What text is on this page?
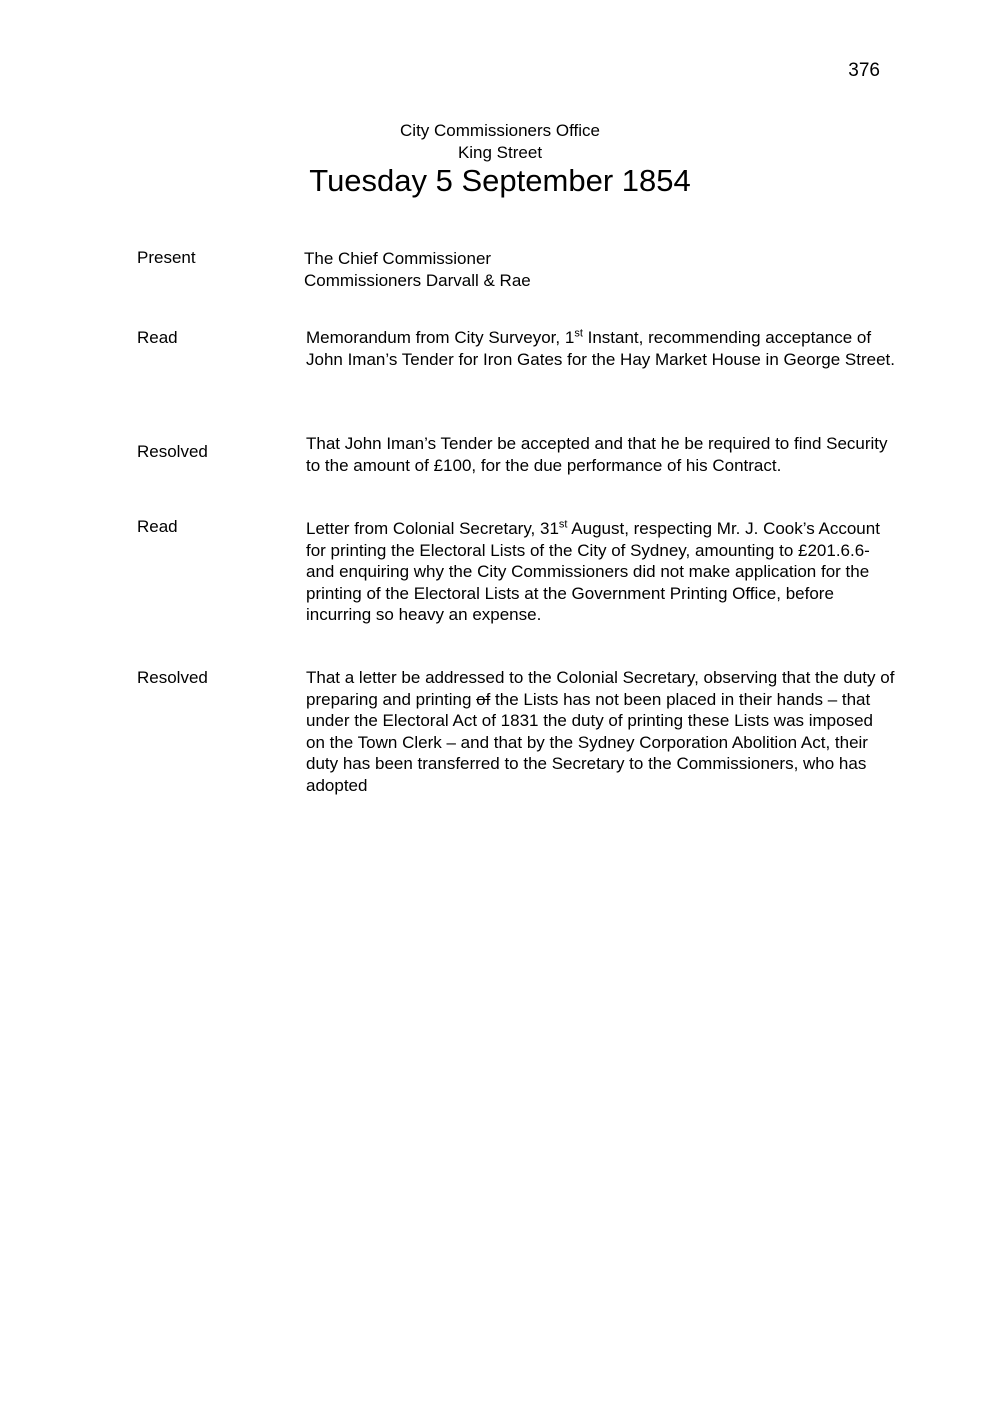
376
City Commissioners Office
King Street
Tuesday 5 September 1854
Present	The Chief Commissioner
Commissioners Darvall & Rae
Read	Memorandum from City Surveyor, 1st Instant, recommending acceptance of John Iman’s Tender for Iron Gates for the Hay Market House in George Street.
Resolved	That John Iman’s Tender be accepted and that he be required to find Security to the amount of £100, for the due performance of his Contract.
Read	Letter from Colonial Secretary, 31st August, respecting Mr. J. Cook’s Account for printing the Electoral Lists of the City of Sydney, amounting to £201.6.6- and enquiring why the City Commissioners did not make application for the printing of the Electoral Lists at the Government Printing Office, before incurring so heavy an expense.
Resolved	That a letter be addressed to the Colonial Secretary, observing that the duty of preparing and printing of the Lists has not been placed in their hands – that under the Electoral Act of 1831 the duty of printing these Lists was imposed on the Town Clerk – and that by the Sydney Corporation Abolition Act, their duty has been transferred to the Secretary to the Commissioners, who has adopted
